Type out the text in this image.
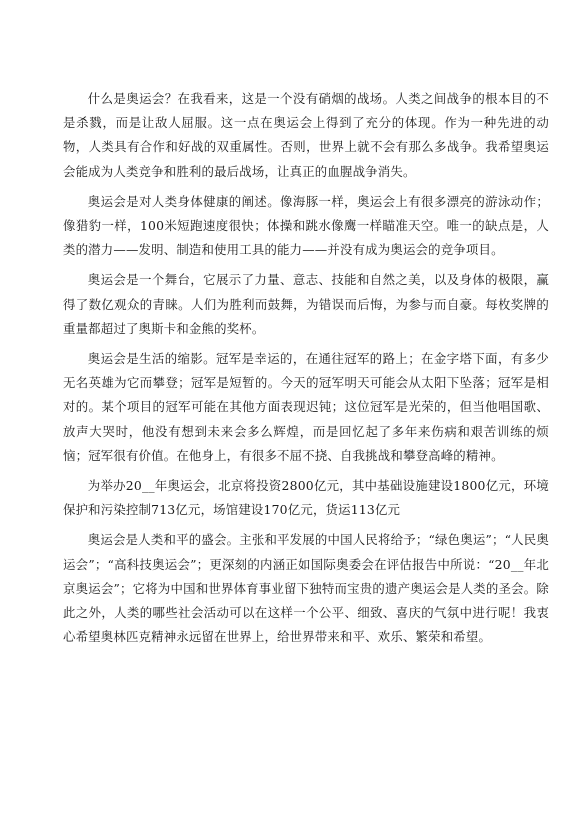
什么是奥运会？在我看来，这是一个没有硝烟的战场。人类之间战争的根本目的不是杀戮，而是让敌人屈服。这一点在奥运会上得到了充分的体现。作为一种先进的动物，人类具有合作和好战的双重属性。否则，世界上就不会有那么多战争。我希望奥运会能成为人类竞争和胜利的最后战场，让真正的血腥战争消失。

奥运会是对人类身体健康的阐述。像海豚一样，奥运会上有很多漂亮的游泳动作；像猎豹一样，100米短跑速度很快；体操和跳水像鹰一样瞄准天空。唯一的缺点是，人类的潜力——发明、制造和使用工具的能力——并没有成为奥运会的竞争项目。

奥运会是一个舞台，它展示了力量、意志、技能和自然之美，以及身体的极限，赢得了数亿观众的青睐。人们为胜利而鼓舞，为错误而后悔，为参与而自豪。每枚奖牌的重量都超过了奥斯卡和金熊的奖杯。

奥运会是生活的缩影。冠军是幸运的，在通往冠军的路上；在金字塔下面，有多少无名英雄为它而攀登；冠军是短暂的。今天的冠军明天可能会从太阳下坠落；冠军是相对的。某个项目的冠军可能在其他方面表现迟钝；这位冠军是光荣的，但当他唱国歌、放声大哭时，他没有想到未来会多么辉煌，而是回忆起了多年来伤病和艰苦训练的烦恼；冠军很有价值。在他身上，有很多不屈不挠、自我挑战和攀登高峰的精神。

为举办20__年奥运会，北京将投资2800亿元，其中基础设施建设1800亿元，环境保护和污染控制713亿元，场馆建设170亿元，货运113亿元

奥运会是人类和平的盛会。主张和平发展的中国人民将给予；“绿色奥运”；“人民奥运会”；“高科技奥运会”；更深刻的内涵正如国际奥委会在评估报告中所说：“20__年北京奥运会”；它将为中国和世界体育事业留下独特而宝贵的遗产奥运会是人类的圣会。除此之外，人类的哪些社会活动可以在这样一个公平、细致、喜庆的气氛中进行呢！我衷心希望奥林匹克精神永远留在世界上，给世界带来和平、欢乐、繁荣和希望。
